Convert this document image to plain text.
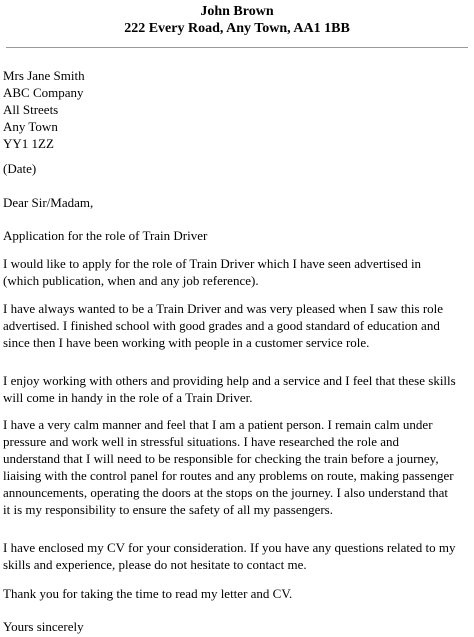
John Brown
222 Every Road, Any Town, AA1 1BB
Mrs Jane Smith
ABC Company
All Streets
Any Town
YY1 1ZZ
(Date)
Dear Sir/Madam,
Application for the role of Train Driver
I would like to apply for the role of Train Driver which I have seen advertised in
(which publication, when and any job reference).
I have always wanted to be a Train Driver and was very pleased when I saw this role
advertised. I finished school with good grades and a good standard of education and
since then I have been working with people in a customer service role.
I enjoy working with others and providing help and a service and I feel that these skills
will come in handy in the role of a Train Driver.
I have a very calm manner and feel that I am a patient person. I remain calm under
pressure and work well in stressful situations. I have researched the role and
understand that I will need to be responsible for checking the train before a journey,
liaising with the control panel for routes and any problems on route, making passenger
announcements, operating the doors at the stops on the journey. I also understand that
it is my responsibility to ensure the safety of all my passengers.
I have enclosed my CV for your consideration. If you have any questions related to my
skills and experience, please do not hesitate to contact me.
Thank you for taking the time to read my letter and CV.
Yours sincerely
